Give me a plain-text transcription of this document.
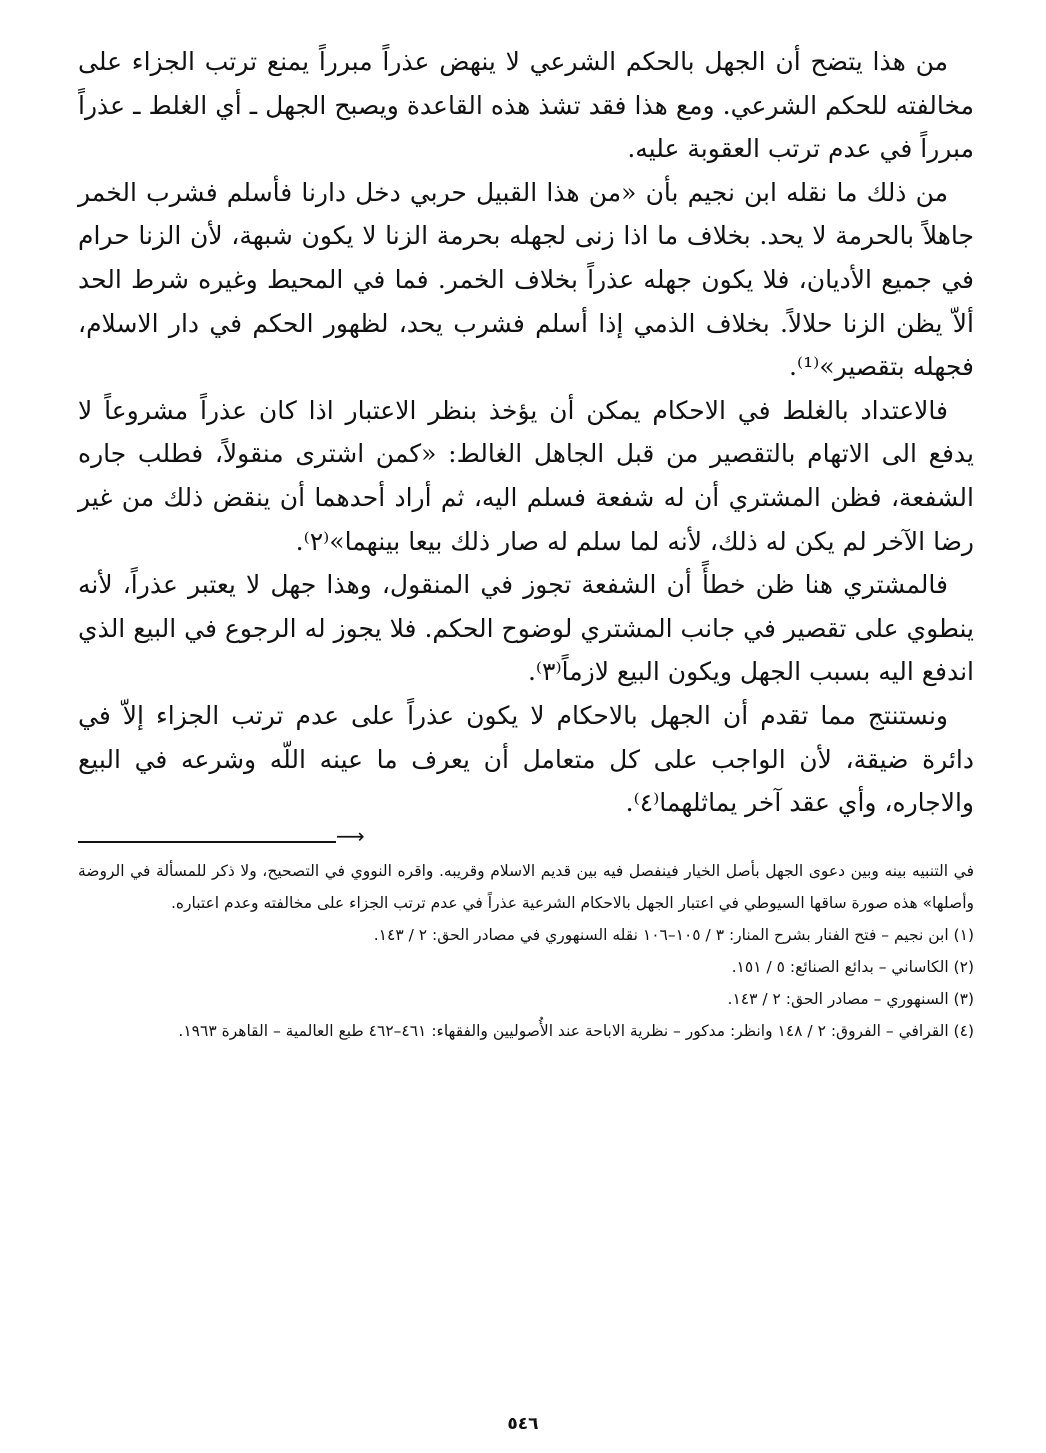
من هذا يتضح أن الجهل بالحكم الشرعي لا ينهض عذراً مبرراً يمنع ترتب الجزاء على مخالفته للحكم الشرعي. ومع هذا فقد تشذ هذه القاعدة ويصبح الجهل ـ أي الغلط ـ عذراً مبرراً في عدم ترتب العقوبة عليه.

من ذلك ما نقله ابن نجيم بأن «من هذا القبيل حربي دخل دارنا فأسلم فشرب الخمر جاهلاً بالحرمة لا يحد. بخلاف ما اذا زنى لجهله بحرمة الزنا لا يكون شبهة، لأن الزنا حرام في جميع الأديان، فلا يكون جهله عذراً بخلاف الخمر. فما في المحيط وغيره شرط الحد ألاّ يظن الزنا حلالاً. بخلاف الذمي إذا أسلم فشرب يحد، لظهور الحكم في دار الاسلام، فجهله بتقصير»⁽¹⁾.

فالاعتداد بالغلط في الاحكام يمكن أن يؤخذ بنظر الاعتبار اذا كان عذراً مشروعاً لا يدفع الى الاتهام بالتقصير من قبل الجاهل الغالط: «كمن اشترى منقولاً، فطلب جاره الشفعة، فظن المشتري أن له شفعة فسلم اليه، ثم أراد أحدهما أن ينقض ذلك من غير رضا الآخر لم يكن له ذلك، لأنه لما سلم له صار ذلك بيعا بينهما»⁽٢⁾.

فالمشتري هنا ظن خطأً أن الشفعة تجوز في المنقول، وهذا جهل لا يعتبر عذراً، لأنه ينطوي على تقصير في جانب المشتري لوضوح الحكم. فلا يجوز له الرجوع في البيع الذي اندفع اليه بسبب الجهل ويكون البيع لازماً⁽٣⁾.

ونستنتج مما تقدم أن الجهل بالاحكام لا يكون عذراً على عدم ترتب الجزاء إلاّ في دائرة ضيقة، لأن الواجب على كل متعامل أن يعرف ما عينه اللّه وشرعه في البيع والاجاره، وأي عقد آخر يماثلهما⁽٤⁾.

⟶

في التنبيه بينه وبين دعوى الجهل بأصل الخيار فينفصل فيه بين قديم الاسلام وقريبه. واقره النووي في التصحيح، ولا ذكر للمسألة في الروضة وأصلها» هذه صورة ساقها السيوطي في اعتبار الجهل بالاحكام الشرعية عذراً في عدم ترتب الجزاء على مخالفته وعدم اعتباره.

(١) ابن نجيم – فتح الفنار بشرح المنار: ٣ / ١٠٥–١٠٦ نقله السنهوري في مصادر الحق: ٢ / ١٤٣.

(٢) الكاساني – بدائع الصنائع: ٥ / ١٥١.

(٣) السنهوري – مصادر الحق: ٢ / ١٤٣.

(٤) القرافي – الفروق: ٢ / ١٤٨ وانظر: مدكور – نظرية الاباحة عند الأُصوليين والفقهاء: ٤٦١–٤٦٢ طبع العالمية – القاهرة ١٩٦٣.

٥٤٦
